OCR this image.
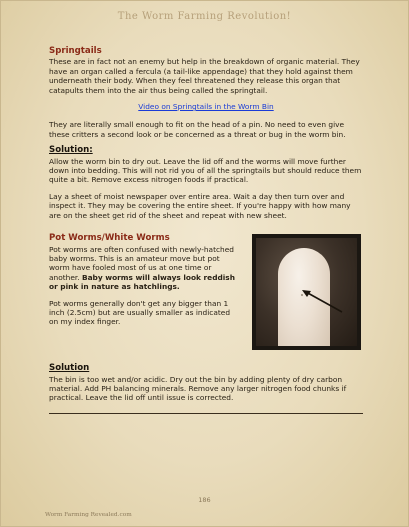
The Worm Farming Revolution!
Springtails

These are in fact not an enemy but help in the breakdown of organic material. They have an organ called a fercula (a tail-like appendage) that they hold against them underneath their body. When they feel threatened they release this organ that catapults them into the air thus being called the springtail.

Video on Springtails in the Worm Bin

They are literally small enough to fit on the head of a pin. No need to even give these critters a second look or be concerned as a threat or bug in the worm bin.

Solution:

Allow the worm bin to dry out. Leave the lid off and the worms will move further down into bedding. This will not rid you of all the springtails but should reduce them quite a bit. Remove excess nitrogen foods if practical.

Lay a sheet of moist newspaper over entire area. Wait a day then turn over and inspect it. They may be covering the entire sheet. If you're happy with how many are on the sheet get rid of the sheet and repeat with new sheet.

Pot Worms/White Worms

Pot worms are often confused with newly-hatched baby worms. This is an amateur move but pot worm have fooled most of us at one time or another. Baby worms will always look reddish or pink in nature as hatchlings.

Pot worms generally don't get any bigger than 1 inch (2.5cm) but are usually smaller as indicated on my index finger.

Solution

The bin is too wet and/or acidic. Dry out the bin by adding plenty of dry carbon material. Add PH balancing minerals. Remove any larger nitrogen food chunks if practical. Leave the lid off until issue is corrected.

186
Worm Farming Revealed.com
